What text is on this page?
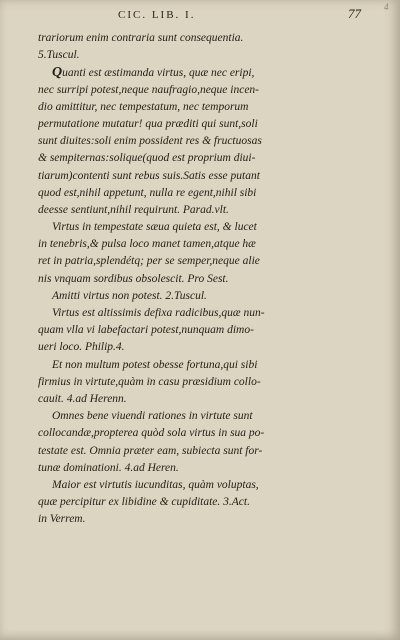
CIC. LIB. I.	77	4
trariorum enim contraria sunt consequentia.
5.Tuscul.
Quanti est æstimanda virtus, quæ nec eripi,
nec surripi potest,neque naufragio,neque incen-
dio amittitur, nec tempestatum, nec temporum
permutatione mutatur! qua præditi qui sunt,soli
sunt diuites:soli enim possident res & fructuosas
& sempiternas:solique(quod est proprium diui-
tiarum)contenti sunt rebus suis.Satis esse putant
quod est,nihil appetunt, nulla re egent,nihil sibi
deesse sentiunt,nihil requirunt. Parad.vlt.
Virtus in tempestate sæua quieta est, & lucet
in tenebris,& pulsa loco manet tamen,atque hæ
ret in patria,splendétq; per se semper,neque alie
nis vnquam sordibus obsolescit. Pro Sest.
Amitti virtus non potest. 2.Tuscul.
Virtus est altissimis defixa radicibus,quæ nun-
quam vlla vi labefactari potest,nunquam dimo-
ueri loco. Philip.4.
Et non multum potest obesse fortuna,qui sibi
firmius in virtute,quàm in casu præsidium collo-
cauit. 4.ad Herenn.
Omnes bene viuendi rationes in virtute sunt
collocandæ,propterea quòd sola virtus in sua po-
testate est. Omnia præter eam, subiecta sunt for-
tunæ dominationi. 4.ad Heren.
Maior est virtutis iucunditas, quàm voluptas,
quæ percipitur ex libidine & cupiditate. 3.Act.
in Verrem.
